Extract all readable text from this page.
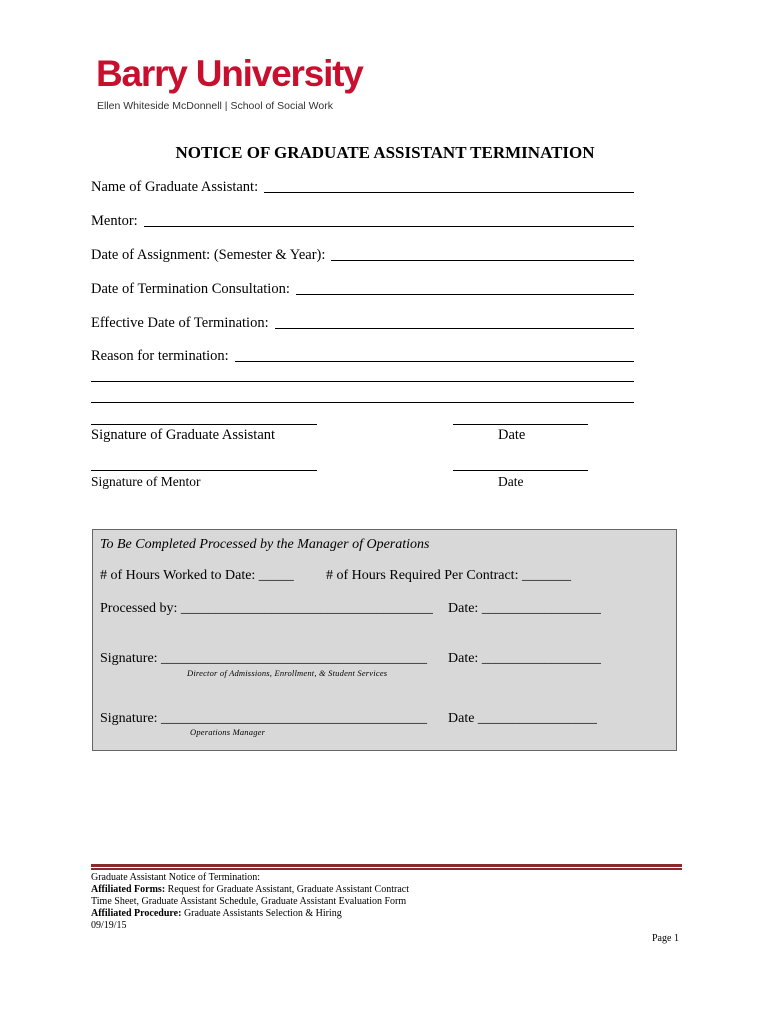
Barry University
Ellen Whiteside McDonnell | School of Social Work
NOTICE OF GRADUATE ASSISTANT TERMINATION
Name of Graduate Assistant:
Mentor:
Date of Assignment: (Semester & Year):
Date of Termination Consultation:
Effective Date of Termination:
Reason for termination:
Signature of Graduate Assistant	Date
Signature of Mentor	Date
To Be Completed Processed by the Manager of Operations
# of Hours Worked to Date: _____ # of Hours Required Per Contract: _______
Processed by: ____________________________________ Date: _________________
Signature: ______________________________________ Date: _________________
Director of Admissions, Enrollment, & Student Services
Signature: ______________________________________ Date _________________
Operations Manager
Graduate Assistant Notice of Termination:
Affiliated Forms: Request for Graduate Assistant, Graduate Assistant Contract
Time Sheet, Graduate Assistant Schedule, Graduate Assistant Evaluation Form
Affiliated Procedure: Graduate Assistants Selection & Hiring
09/19/15
Page 1
